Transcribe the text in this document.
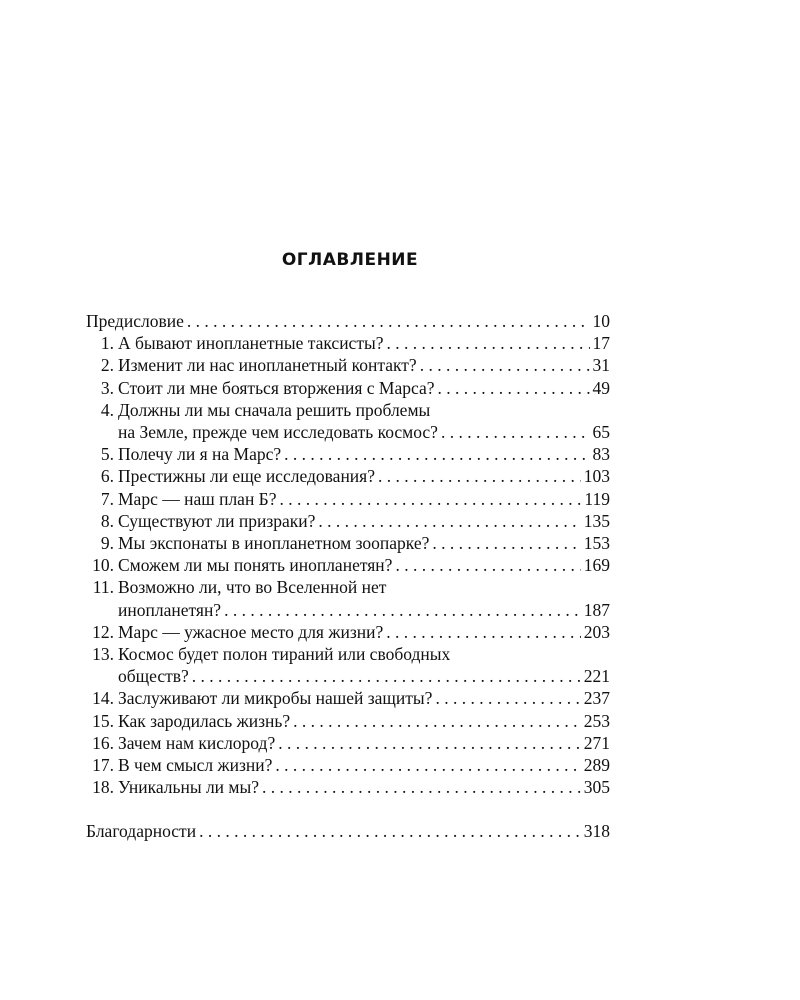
ОГЛАВЛЕНИЕ
Предисловие . . .	10
1. А бывают инопланетные таксисты? . . .	17
2. Изменит ли нас инопланетный контакт? . . .	31
3. Стоит ли мне бояться вторжения с Марса? . . .	49
4. Должны ли мы сначала решить проблемы
на Земле, прежде чем исследовать космос? . . .	65
5. Полечу ли я на Марс? . . .	83
6. Престижны ли еще исследования? . . .	103
7. Марс — наш план Б? . . .	119
8. Существуют ли призраки? . . .	135
9. Мы экспонаты в инопланетном зоопарке? . . .	153
10. Сможем ли мы понять инопланетян? . . .	169
11. Возможно ли, что во Вселенной нет
инопланетян? . . .	187
12. Марс — ужасное место для жизни? . . .	203
13. Космос будет полон тираний или свободных
обществ? . . .	221
14. Заслуживают ли микробы нашей защиты? . . .	237
15. Как зародилась жизнь? . . .	253
16. Зачем нам кислород? . . .	271
17. В чем смысл жизни? . . .	289
18. Уникальны ли мы? . . .	305
Благодарности . . .	318
